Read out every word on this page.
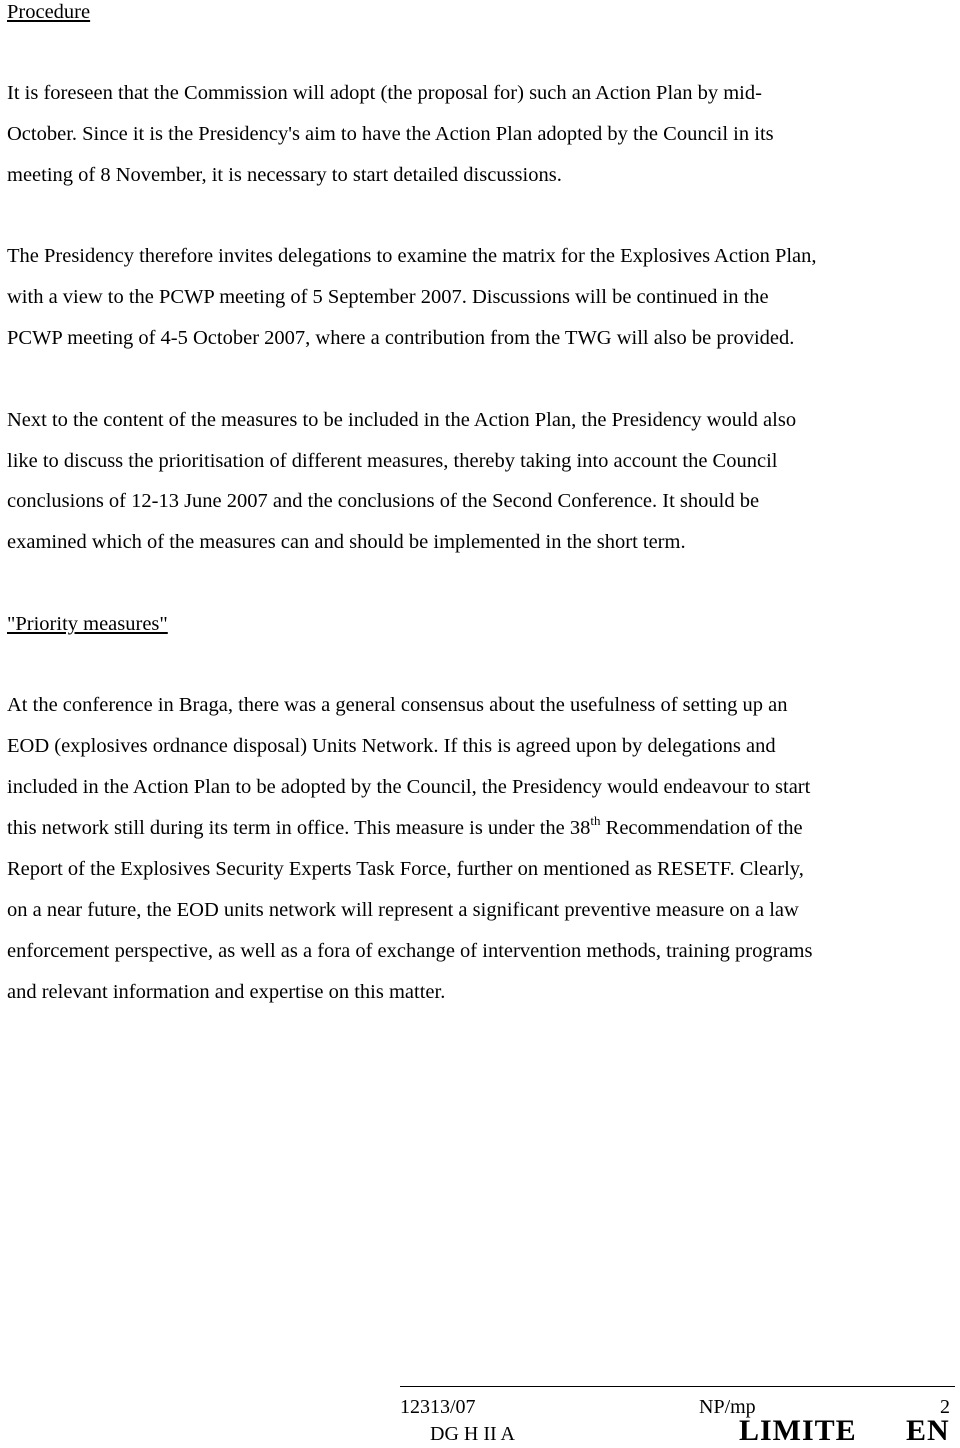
Procedure
It is foreseen that the Commission will adopt (the proposal for) such an Action Plan by mid-
October. Since it is the Presidency's aim to have the Action Plan adopted by the Council in its
meeting of 8 November, it is necessary to start detailed discussions.
The Presidency therefore invites delegations to examine the matrix for the Explosives Action Plan,
with a view to the PCWP meeting of 5 September 2007. Discussions will be continued in the
PCWP meeting of 4-5 October 2007, where a contribution from the TWG will also be provided.
Next to the content of the measures to be included in the Action Plan, the Presidency would also
like to discuss the prioritisation of different measures, thereby taking into account the Council
conclusions of 12-13 June 2007 and the conclusions of the Second Conference. It should be
examined which of the measures can and should be implemented in the short term.
"Priority measures"
At the conference in Braga, there was a general consensus about the usefulness of setting up an
EOD (explosives ordnance disposal) Units Network. If this is agreed upon by delegations and
included in the Action Plan to be adopted by the Council, the Presidency would endeavour to start
this network still during its term in office. This measure is under the 38th Recommendation of the
Report of the Explosives Security Experts Task Force, further on mentioned as RESETF. Clearly,
on a near future, the EOD units network will represent a significant preventive measure on a law
enforcement perspective, as well as a fora of exchange of intervention methods, training programs
and relevant information and expertise on this matter.
12313/07	NP/mp	2
DG H II A	LIMITE EN
